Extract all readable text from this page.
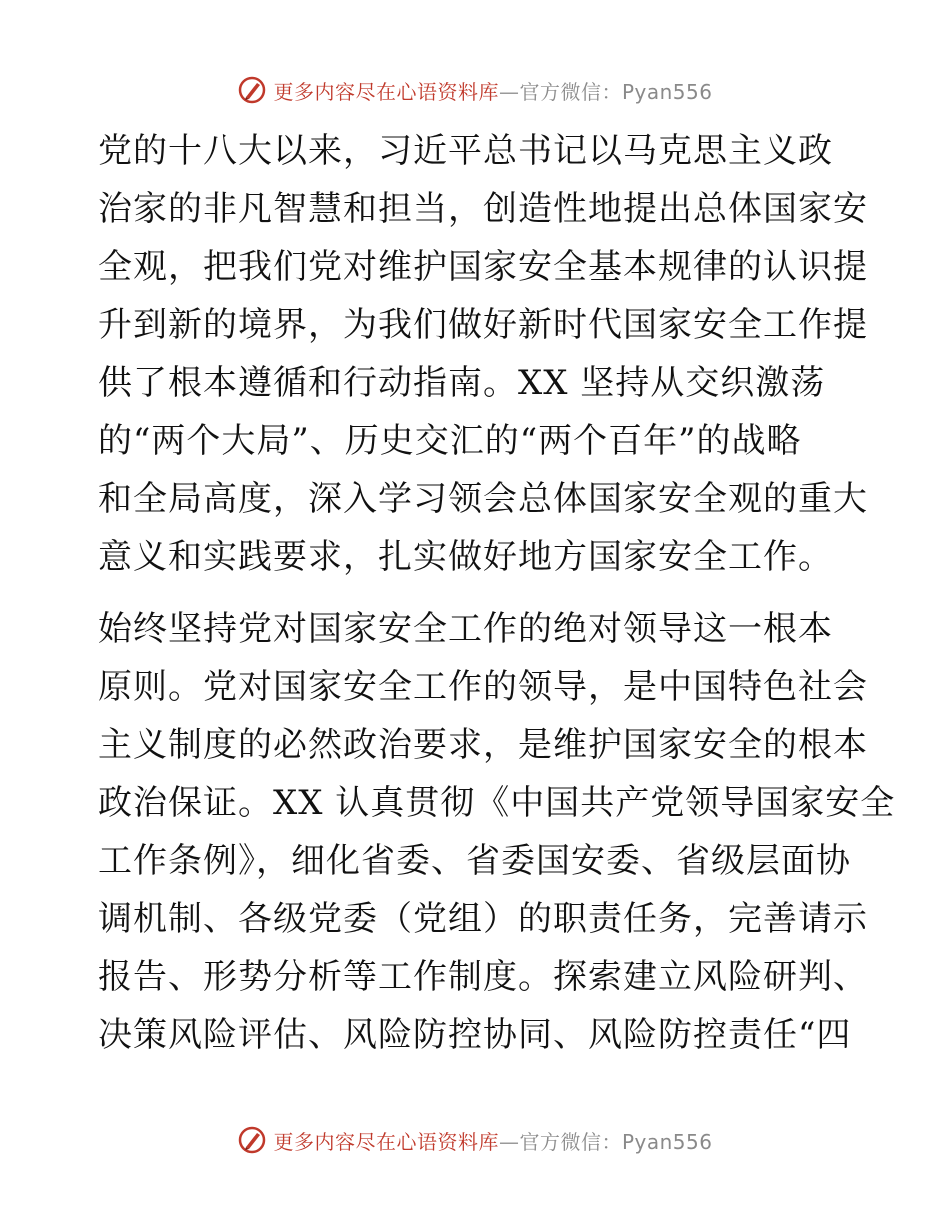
更多内容尽在心语资料库—官方微信：Pyan556
党的十八大以来，习近平总书记以马克思主义政
治家的非凡智慧和担当，创造性地提出总体国家安
全观，把我们党对维护国家安全基本规律的认识提
升到新的境界，为我们做好新时代国家安全工作提
供了根本遵循和行动指南。XX 坚持从交织激荡
的“两个大局”、历史交汇的“两个百年”的战略
和全局高度，深入学习领会总体国家安全观的重大
意义和实践要求，扎实做好地方国家安全工作。
始终坚持党对国家安全工作的绝对领导这一根本
原则。党对国家安全工作的领导，是中国特色社会
主义制度的必然政治要求，是维护国家安全的根本
政治保证。XX 认真贯彻《中国共产党领导国家安全
工作条例》，细化省委、省委国安委、省级层面协
调机制、各级党委（党组）的职责任务，完善请示
报告、形势分析等工作制度。探索建立风险研判、
决策风险评估、风险防控协同、风险防控责任“四
更多内容尽在心语资料库—官方微信：Pyan556
